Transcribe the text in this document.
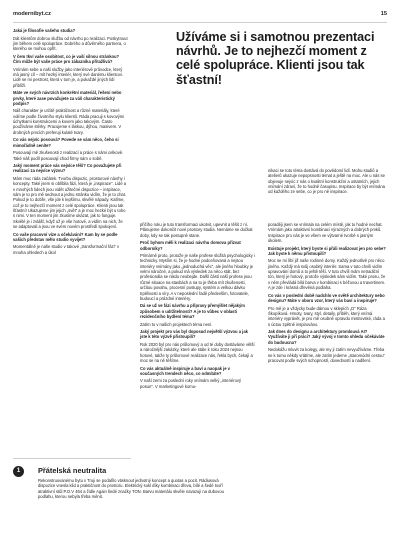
modernibyt.cz	15

Jaká je filosofie vašeho studia?

Dát klientům dobrou službu od návrhu po realizaci. Poskytnout jim během celé spolupráce. Dobrého a důvěrného partnera, o kterého se mohou opřít.

V čem tkví vaše osobitost, co je vaší silnou stránkou? Čím může být vaše práce pro zákazníka přitažlivá?

Vnímám sebe a naši služby jako interiérové průvodce, který má jasný cíl – mít hezký interiér, který své danému klientovi. Lidé se mi pestrost, která v tom je, a pokaždé jiných lidí přiblíží.

Máte ve svých návrzích konkrétní materiál, řešení nebo prvky, které zase považujete za váš charakteristický podpis?

Náš charakter je určitě praktičnost a různé materiály, které volíme podle životního stylu klientů. Ráda pracuji s kovovými úchytkami konstrukcemi a kovem jako takovým. Často používáme stěrky. Pracujeme s láskou, dýhou, masivem. V drobných prvcích preferuji kulaté tvary.

Co vás nejvíc posouvá? Povede se vám něco, čeho si mimořádně ceníte?

Posouvají mě zkušenosti z realizací a práce s námi celkově. Také náš podíl posouvají chod firmy sám o sobě.

Jaký moment práce vás nejvíce těší? Co považujete při realizaci za nejvíce výzvu?

Mám moc ráda začátek. Tvorbu dispozic, prostorové návrhy i koncepty. Také jsem si oblíbila fázi, která je „inspirace“. Lidé a v mnohých lidech jsou vidět užitečné dispozice – inspirace, sám je to pro mě sednout a jednu stránku vidím, že je to chat. Pokud je to dobře, vše jde k lepšímu, skvělé nápady. Kalíme, což je to nejhezčí moment z celé spolupráce. Klienti jsou tak šťastní! Ukazujeme jim jejich „svět“ a je moc hezké být u toho s nimi. V ten moment jim zkusíme ukázat, jak to funguje. Skvělé je i zvlášť, když už je vše hotové, a vidím na nich, že se adaptovali a jsou ve svém novém prostředí spokojení.

Co vaše pracovní víze a očekávání? Kam by se podle vašich představ mělo studio vyvíjet?

Momentálně je naše studio v takové „transformační fázi“ v mnoha ohledech a úkol

Užíváme si i samotnou prezentaci návrhů. Je to nejhezčí moment z celé spolupráce. Klienti jsou tak šťastní!

nikaci se toto téma dostává do povědomí lidí. Mohu studiů a atelierů ukazuje nepopsnosti témat a ještě na moc. Ale u nás se objevuje nejvíc z nás o kvalitní konstrukční a ostatních, jejich vnímání zdraví, že to hodně časopisu. Inspirace by být vnímána od každého ze sebe, co je pro ně inspirace.

přičího roku je tuto transformaci ukotvit, upevnit a těšit z ní. Plánujeme dokončit nové prostory studia. Nemáme se dočkat doby, kdy se tak postupně stane.

Proč byhom měli k realizaci návrhu domova přizvat odborníky?

Primárně proto, protože je naše profese složitá psychologicky i technicky. Myslím si, že je hodné podceňovaná a nejsou interiéry vnímány jako „jednoduchá věc“, ale jiného hloubky je velmi náročné, a pokud má výsledek za něco stát, bez profesionála se nikdo neobejde. Další částí naší profese jsou různé situace na stavbách a na to je třeba mít zkušenosti, určitou povahu, procesní postupy, systém a velkou dávku trpělivosti a víry. A v neposlední řadě především, fotovatele, budoucí a prázdné interiéry.

Dá se už ve fázi návrhu a přípravy přemýšlet nějakým způsobem o udržitelnosti? A je to vůbec v oblasti rezidenčního bydlení téma?

Zatím to v našich projektech téma není.

Jaký projekt pro vás byl doposud největší výzvou a jak jste k této výzvě přistoupili?

Rok 2020 byl pro nás průlomový a od té doby dostáváme větší a náročnější zakázky, které ale stále k roku 2024 nejsou hotové, takže ty průlomové realizace nás, řekla bych, čekají a moc se na ně těšíme.

Co vás aktuálně inspiruje a baví a naopak je v současných trendech něco, co odmítáte?

V naší zemi za poslední roky vnímám velký „interiérový posun“. V marketingové komu-

poraději jsem se vnímala na celém místě, jak to hodné nechat. Vnímám jako atraktivní kombinaci výrazných a dobrých prvků. Inspirace pro nás je ve všem ve výtvarné tvorbě s jasným úkolem.

Existuje projekt, který byste si přáli realizovat jen pro sebe? Jak byste k němu přistoupili?

Moc se mi líbí již naše rodinné domy. Každý jednotlivě pro něco jiného. Každý má svůj osobitý interiér. Sama v tuto chvíli vidím upravování domů a to ještě těší. V tuto chvíli mám netradiční tón, který je hotový, protože výsledek sám vidím. Také prosu, že v něm převládá bílá barva v kombinaci s béžovou a travertinem. A je zde i krásná dřevěná podlaha.

Co vás v poslední době nadchlo ve světě architektury nebo designu? Máte v oboru vzor, který vás baví a inspiruje?

Pro mě je a vždycky bude dámou v sklepích „D“ Ráza Škopíková. Hmoty, tvary, styl, detaily, přiběh, který vnímá interiéry vyprávět, je pro mě osobně opravdu mistrovské, ráda a s úctou zpětně inspirováno.

Jak dnes do designu a architektury promlouvá AI? Využíváte ji při práci? Jaký vývoj v tomto ohledu očekáváte do budoucna?

Nedokážu mluvit za kolegy, ale my ji zatím nevyužíváme. Třeba se k tomu někdy vrátíme, ale zatím jedeme „staromódní cestou“ pracovat podle svých schopností, dovedností a nadšení.

1	Přátelská neutralita
Rekonstruovanému bytu v Troji se podařilo vtisknout jednotný koncept a quotas a pocit. Rádiusová dispozice vnesla klid a praktičnost do prostoru. Elektrický sokl díky kombinaci dřeva, bílé a šedé tvoří atraktivní stůl P.O.V 464 a židle Again šedé značky TON. Barvu materiálu skvěle navazuji na dubovou podlahu, kterou nebyla třeba měnit.
